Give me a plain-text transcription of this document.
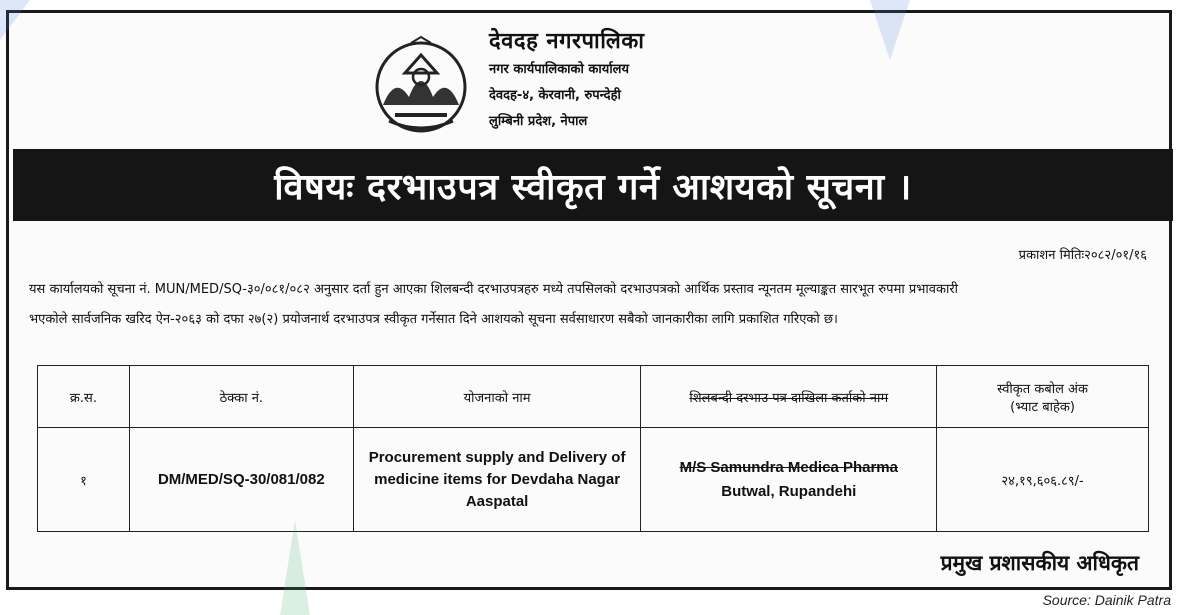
देवदह नगरपालिका
नगर कार्यपालिकाको कार्यालय
देवदह-४, केरवानी, रुपन्देही
लुम्बिनी प्रदेश, नेपाल
विषयः दरभाउपत्र स्वीकृत गर्ने आशयको सूचना ।
प्रकाशन मितिः२०८२/०१/१६
यस कार्यालयको सूचना नं. MUN/MED/SQ-३०/०८१/०८२ अनुसार दर्ता हुन आएका शिलबन्दी दरभाउपत्रहरु मध्ये तपसिलको दरभाउपत्रको आर्थिक प्रस्ताव न्यूनतम मूल्याङ्कत सारभूत रुपमा प्रभावकारी
भएकोले सार्वजनिक खरिद ऐन-२०६३ को दफा २७(२) प्रयोजनार्थ दरभाउपत्र स्वीकृत गर्नेसात दिने आशयको सूचना सर्वसाधारण सबैको जानकारीका लागि प्रकाशित गरिएको छ।
क्र.स.	ठेक्का नं.	योजनाको नाम	शिलबन्दी दरभाउ पत्र दाखिला कर्ताको नाम	स्वीकृत कबोल अंक
(भ्याट बाहेक)

१	DM/MED/SQ-30/081/082	Procurement supply and Delivery of medicine items for Devdaha Nagar Aaspatal	M/S Samundra Medica Pharma
Butwal, Rupandehi	२४,१९,६०६.८९/-
प्रमुख प्रशासकीय अधिकृत
Source: Dainik Patra
